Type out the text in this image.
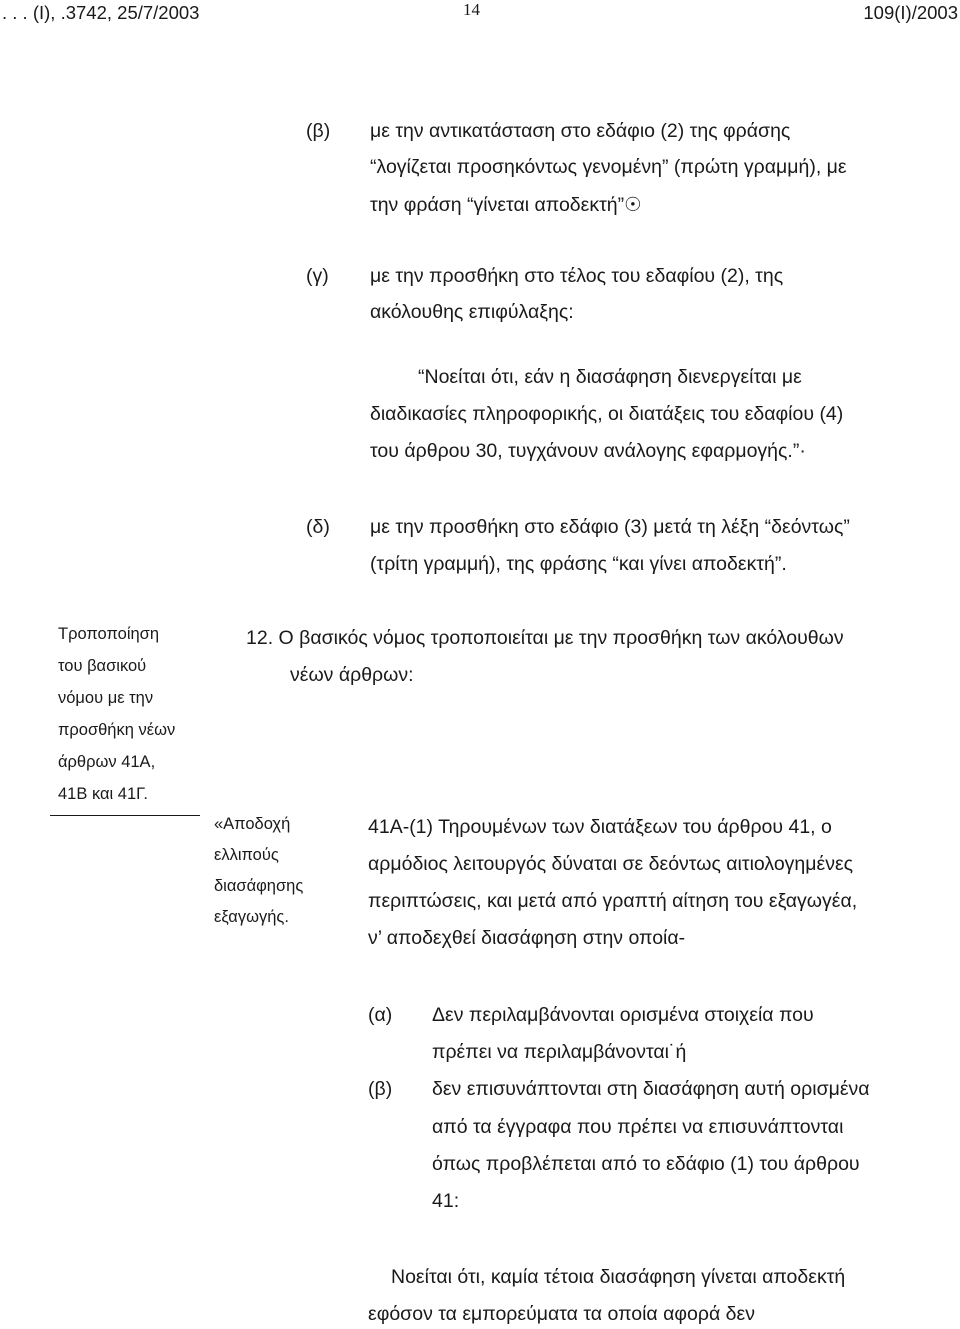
. . . (Ι), .3742, 25/7/2003	14	109(Ι)/2003
(β) με την αντικατάσταση στο εδάφιο (2) της φράσης
“λογίζεται προσηκόντως γενομένη” (πρώτη γραμμή), με
την φράση “γίνεται αποδεκτή”☉
(γ) με την προσθήκη στο τέλος του εδαφίου (2), της
ακόλουθης επιφύλαξης:
“Νοείται ότι, εάν η διασάφηση διενεργείται με
διαδικασίες πληροφορικής, οι διατάξεις του εδαφίου (4)
του άρθρου 30, τυγχάνουν ανάλογης εφαρμογής.”·
(δ) με την προσθήκη στο εδάφιο (3) μετά τη λέξη “δεόντως”
(τρίτη γραμμή), της φράσης “και γίνει αποδεκτή”.
Τροποποίηση
του βασικού
νόμου με την
προσθήκη νέων
άρθρων 41Α,
41Β και 41Γ.
12. Ο βασικός νόμος τροποποιείται με την προσθήκη των ακόλουθων
νέων άρθρων:
«Αποδοχή
ελλιπούς
διασάφησης
εξαγωγής.
41Α-(1) Τηρουμένων των διατάξεων του άρθρου 41, ο
αρμόδιος λειτουργός δύναται σε δεόντως αιτιολογημένες
περιπτώσεις, και μετά από γραπτή αίτηση του εξαγωγέα,
ν’ αποδεχθεί διασάφηση στην οποία-
(α) Δεν περιλαμβάνονται ορισμένα στοιχεία που
πρέπει να περιλαμβάνονται˙ή
(β) δεν επισυνάπτονται στη διασάφηση αυτή ορισμένα
από τα έγγραφα που πρέπει να επισυνάπτονται
όπως προβλέπεται από το εδάφιο (1) του άρθρου
41:
Νοείται ότι, καμία τέτοια διασάφηση γίνεται αποδεκτή
εφόσον τα εμπορεύματα τα οποία αφορά δεν
